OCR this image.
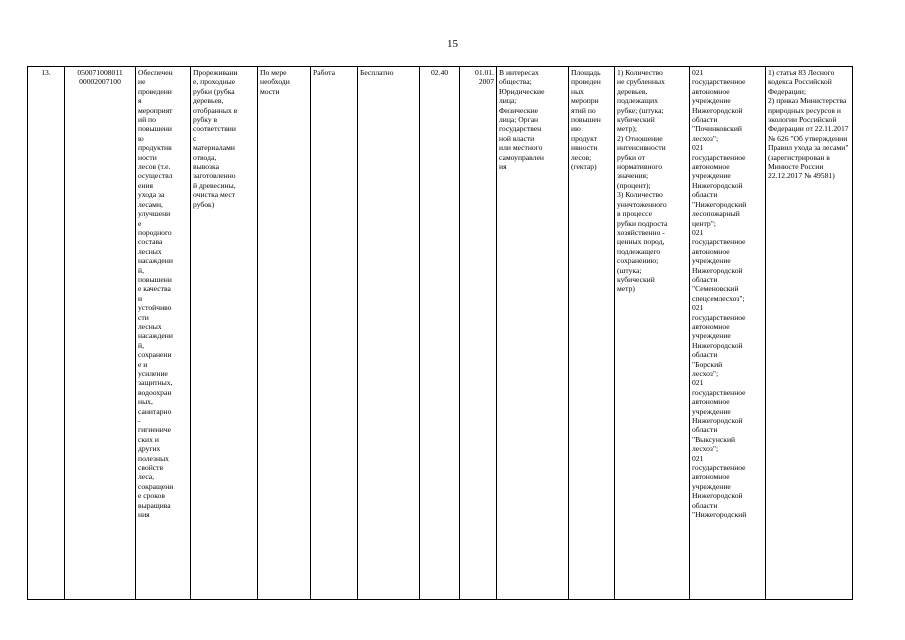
15
13.	050071008011
00002007100	Обеспечен
ие
проведени
я
мероприят
ий по
повышени
ю
продуктив
ности
лесов (т.е.
осуществл
ения
ухода за
лесами,
улучшени
е
породного
состава
лесных
насаждени
й,
повышени
е качества
и
устойчиво
сти
лесных
насаждени
й,
сохранени
е и
усиление
защитных,
водоохран
ных,
санитарно
-
гигиениче
ских и
других
полезных
свойств
леса,
сокращени
е сроков
выращива
ния	Прореживани
е, проходные
рубки (рубка
деревьев,
отобранных в
рубку в
соответствии
с
материалами
отвода,
вывозка
заготовленно
й древесины,
очистка мест
рубок)	По мере
необходи
мости	Работа	Бесплатно	02.40	01.01.
2007	В интересах
общества;
Юридические
лица;
Физические
лица; Орган
государствен
ной власти
или местного
самоуправлен
ия	Площадь
проведен
ных
меропри
ятий по
повышен
ию
продукт
ивности
лесов;
(гектар)	1) Количество
не срубленных
деревьев,
подлежащих
рубке; (штука;
кубический
метр);
2) Отношение
интенсивности
рубки от
нормативного
значения;
(процент);
3) Количество
уничтоженного
в процессе
рубки подроста
хозяйственно -
ценных пород,
подлежащего
сохранению;
(штука;
кубический
метр)	021
государственное
автономное
учреждение
Нижегородской
области
"Починковский
лесхоз";
021
государственное
автономное
учреждение
Нижегородской
области
"Нижегородский
лесопожарный
центр";
021
государственное
автономное
учреждение
Нижегородской
области
"Семеновский
спецсемлесхоз";
021
государственное
автономное
учреждение
Нижегородской
области
"Борский
лесхоз";
021
государственное
автономное
учреждение
Нижегородской
области
"Выксунский
лесхоз";
021
государственное
автономное
учреждение
Нижегородской
области
"Нижегородский	1) статья 83 Лесного
кодекса Российской
Федерации;
2) приказ Министерства
природных ресурсов и
экологии Российской
Федерации от 22.11.2017
№ 626 "Об утверждении
Правил ухода за лесами"
(зарегистрирован в
Минюсте России
22.12.2017 № 49581)
